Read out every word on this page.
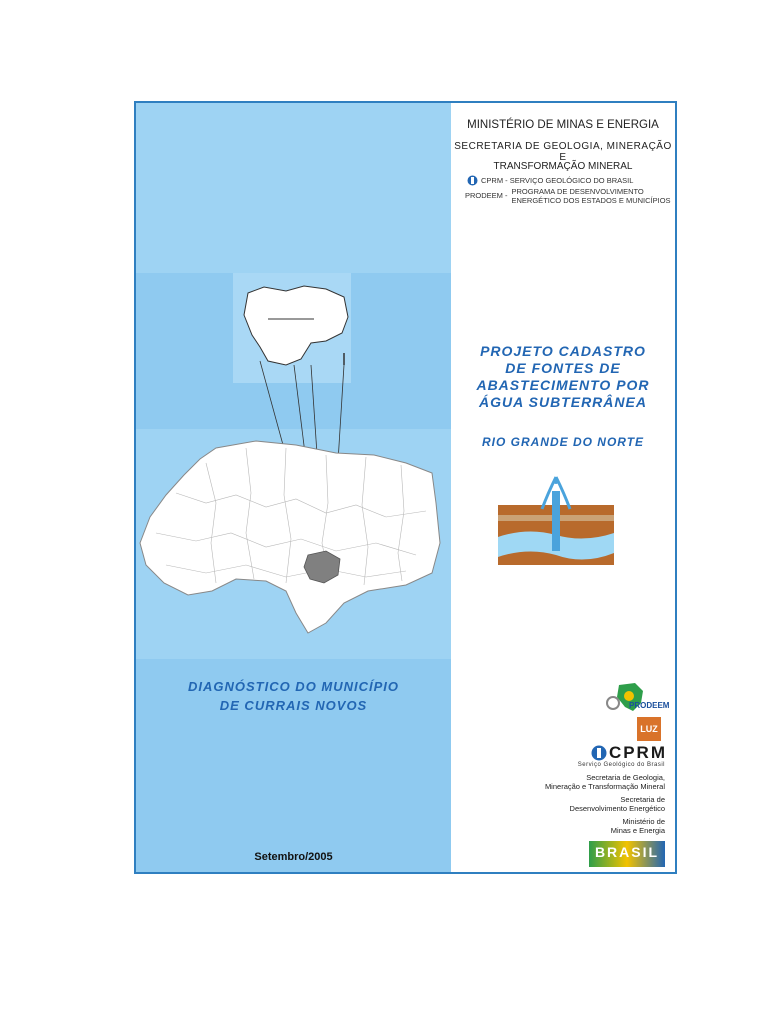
DIAGNÓSTICO DO MUNICÍPIO
DE CURRAIS NOVOS
Setembro/2005
MINISTÉRIO DE MINAS E ENERGIA
SECRETARIA DE GEOLOGIA, MINERAÇÃO E
TRANSFORMAÇÃO MINERAL
CPRM - SERVIÇO GEOLÓGICO DO BRASIL
PRODEEM - PROGRAMA DE DESENVOLVIMENTO
ENERGÉTICO DOS ESTADOS E MUNICÍPIOS
PROJETO CADASTRO
DE FONTES DE
ABASTECIMENTO POR
ÁGUA SUBTERRÂNEA
RIO GRANDE DO NORTE
PRODEEM
LUZ
CPRM
Serviço Geológico do Brasil
Secretaria de Geologia,
Mineração e Transformação Mineral
Secretaria de
Desenvolvimento Energético
Ministério de
Minas e Energia
BRASIL
